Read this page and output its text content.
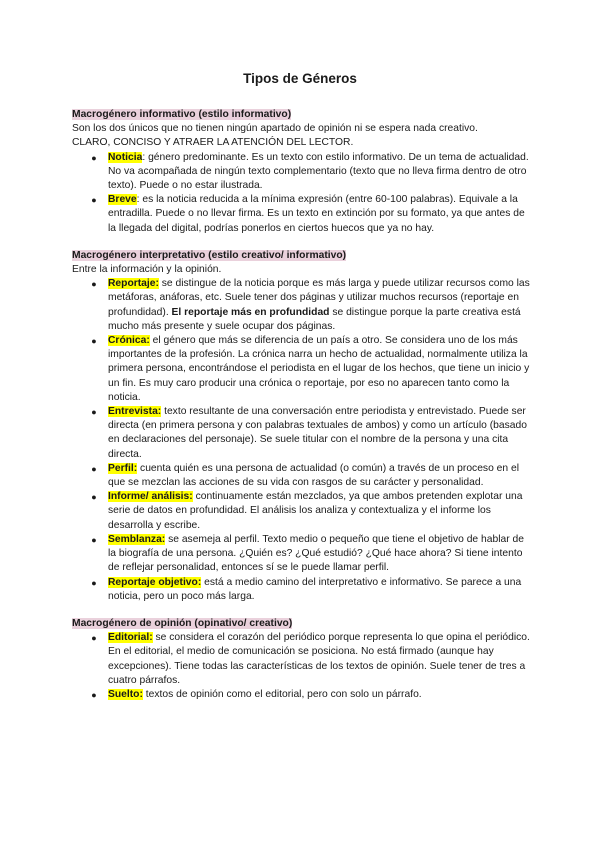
Tipos de Géneros
Macrogénero informativo (estilo informativo)
Son los dos únicos que no tienen ningún apartado de opinión ni se espera nada creativo.
CLARO, CONCISO Y ATRAER LA ATENCIÓN DEL LECTOR.
● Noticia: género predominante. Es un texto con estilo informativo. De un tema de actualidad. No va acompañada de ningún texto complementario (texto que no lleva firma dentro de otro texto). Puede o no estar ilustrada.
● Breve: es la noticia reducida a la mínima expresión (entre 60-100 palabras). Equivale a la entradilla. Puede o no llevar firma. Es un texto en extinción por su formato, ya que antes de la llegada del digital, podrías ponerlos en ciertos huecos que ya no hay.
Macrogénero interpretativo (estilo creativo/ informativo)
Entre la información y la opinión.
● Reportaje: se distingue de la noticia porque es más larga y puede utilizar recursos como las metáforas, anáforas, etc. Suele tener dos páginas y utilizar muchos recursos (reportaje en profundidad). El reportaje más en profundidad se distingue porque la parte creativa está mucho más presente y suele ocupar dos páginas.
● Crónica: el género que más se diferencia de un país a otro. Se considera uno de los más importantes de la profesión. La crónica narra un hecho de actualidad, normalmente utiliza la primera persona, encontrándose el periodista en el lugar de los hechos, que tiene un inicio y un fin. Es muy caro producir una crónica o reportaje, por eso no aparecen tanto como la noticia.
● Entrevista: texto resultante de una conversación entre periodista y entrevistado. Puede ser directa (en primera persona y con palabras textuales de ambos) y como un artículo (basado en declaraciones del personaje). Se suele titular con el nombre de la persona y una cita directa.
● Perfil: cuenta quién es una persona de actualidad (o común) a través de un proceso en el que se mezclan las acciones de su vida con rasgos de su carácter y personalidad.
● Informe/ análisis: continuamente están mezclados, ya que ambos pretenden explotar una serie de datos en profundidad. El análisis los analiza y contextualiza y el informe los desarrolla y escribe.
● Semblanza: se asemeja al perfil. Texto medio o pequeño que tiene el objetivo de hablar de la biografía de una persona. ¿Quién es? ¿Qué estudió? ¿Qué hace ahora? Si tiene intento de reflejar personalidad, entonces sí se le puede llamar perfil.
● Reportaje objetivo: está a medio camino del interpretativo e informativo. Se parece a una noticia, pero un poco más larga.
Macrogénero de opinión (opinativo/ creativo)
● Editorial: se considera el corazón del periódico porque representa lo que opina el periódico. En el editorial, el medio de comunicación se posiciona. No está firmado (aunque hay excepciones). Tiene todas las características de los textos de opinión. Suele tener de tres a cuatro párrafos.
● Suelto: textos de opinión como el editorial, pero con solo un párrafo.
